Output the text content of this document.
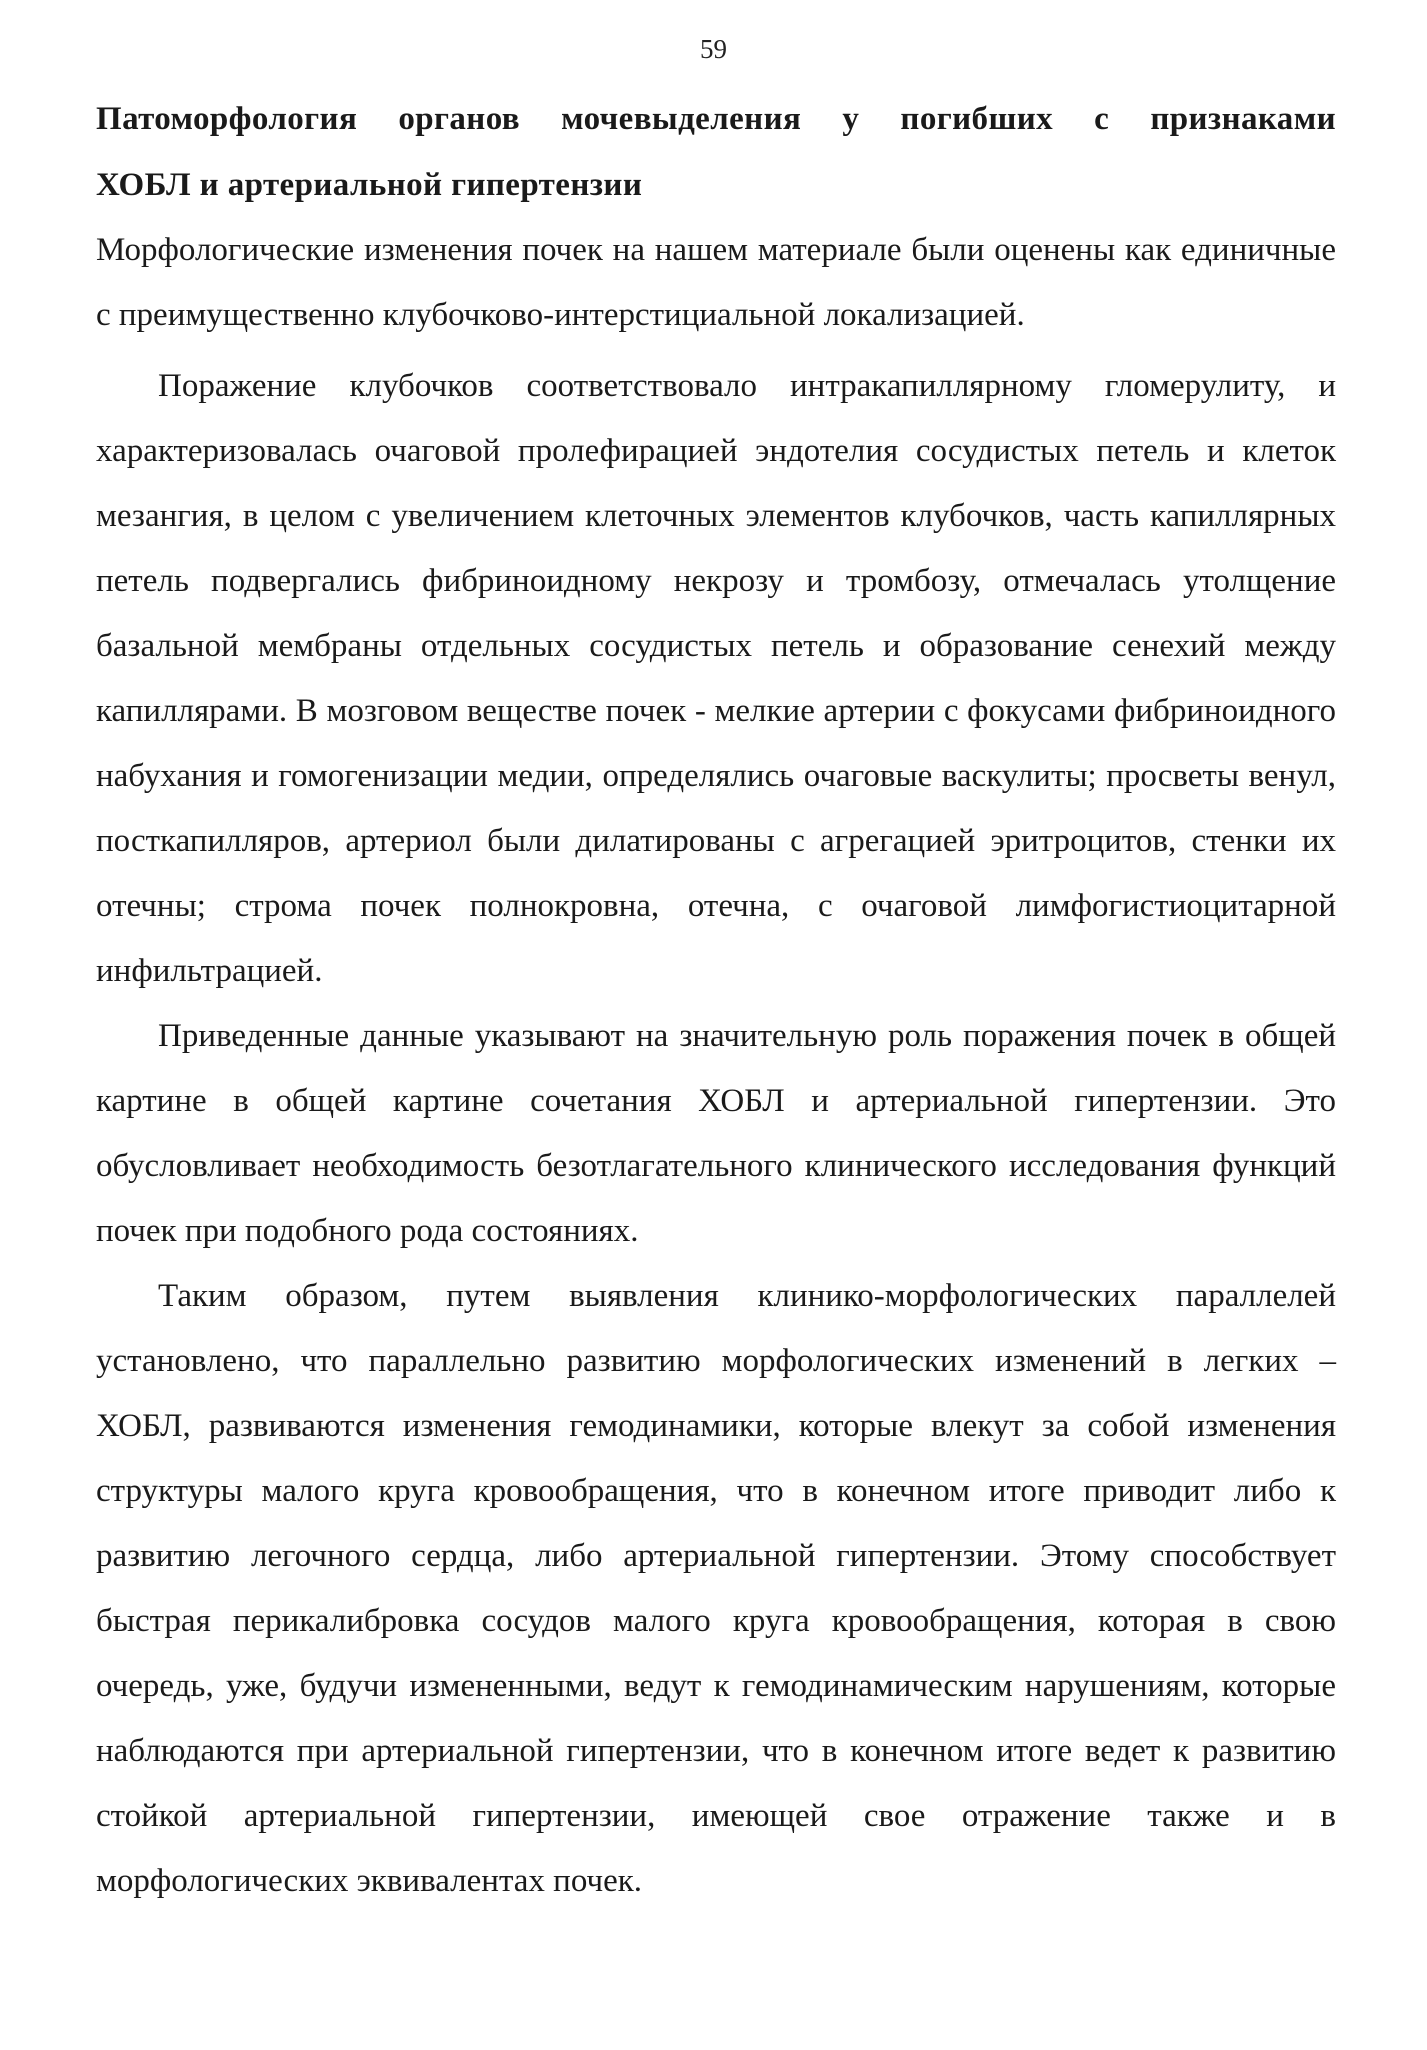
59
Патоморфология органов мочевыделения у погибших с признаками
ХОБЛ и артериальной гипертензии

Морфологические изменения почек на нашем материале были оценены как единичные с преимущественно клубочково-интерстициальной локализацией.

Поражение клубочков соответствовало интракапиллярному гломерулиту, и характеризовалась очаговой пролефирацией эндотелия сосудистых петель и клеток мезангия, в целом с увеличением клеточных элементов клубочков, часть капиллярных петель подвергались фибриноидному некрозу и тромбозу, отмечалась утолщение базальной мембраны отдельных сосудистых петель и образование сенехий между капиллярами. В мозговом веществе почек - мелкие артерии с фокусами фибриноидного набухания и гомогенизации медии, определялись очаговые васкулиты; просветы венул, посткапилляров, артериол были дилатированы с агрегацией эритроцитов, стенки их отечны; строма почек полнокровна, отечна, с очаговой лимфогистиоцитарной инфильтрацией.

Приведенные данные указывают на значительную роль поражения почек в общей картине в общей картине сочетания ХОБЛ и артериальной гипертензии. Это обусловливает необходимость безотлагательного клинического исследования функций почек при подобного рода состояниях.

Таким образом, путем выявления клинико-морфологических параллелей установлено, что параллельно развитию морфологических изменений в легких – ХОБЛ, развиваются изменения гемодинамики, которые влекут за собой изменения структуры малого круга кровообращения, что в конечном итоге приводит либо к развитию легочного сердца, либо артериальной гипертензии. Этому способствует быстрая перикалибровка сосудов малого круга кровообращения, которая в свою очередь, уже, будучи измененными, ведут к гемодинамическим нарушениям, которые наблюдаются при артериальной гипертензии, что в конечном итоге ведет к развитию стойкой артериальной гипертензии, имеющей свое отражение также и в морфологических эквивалентах почек.
